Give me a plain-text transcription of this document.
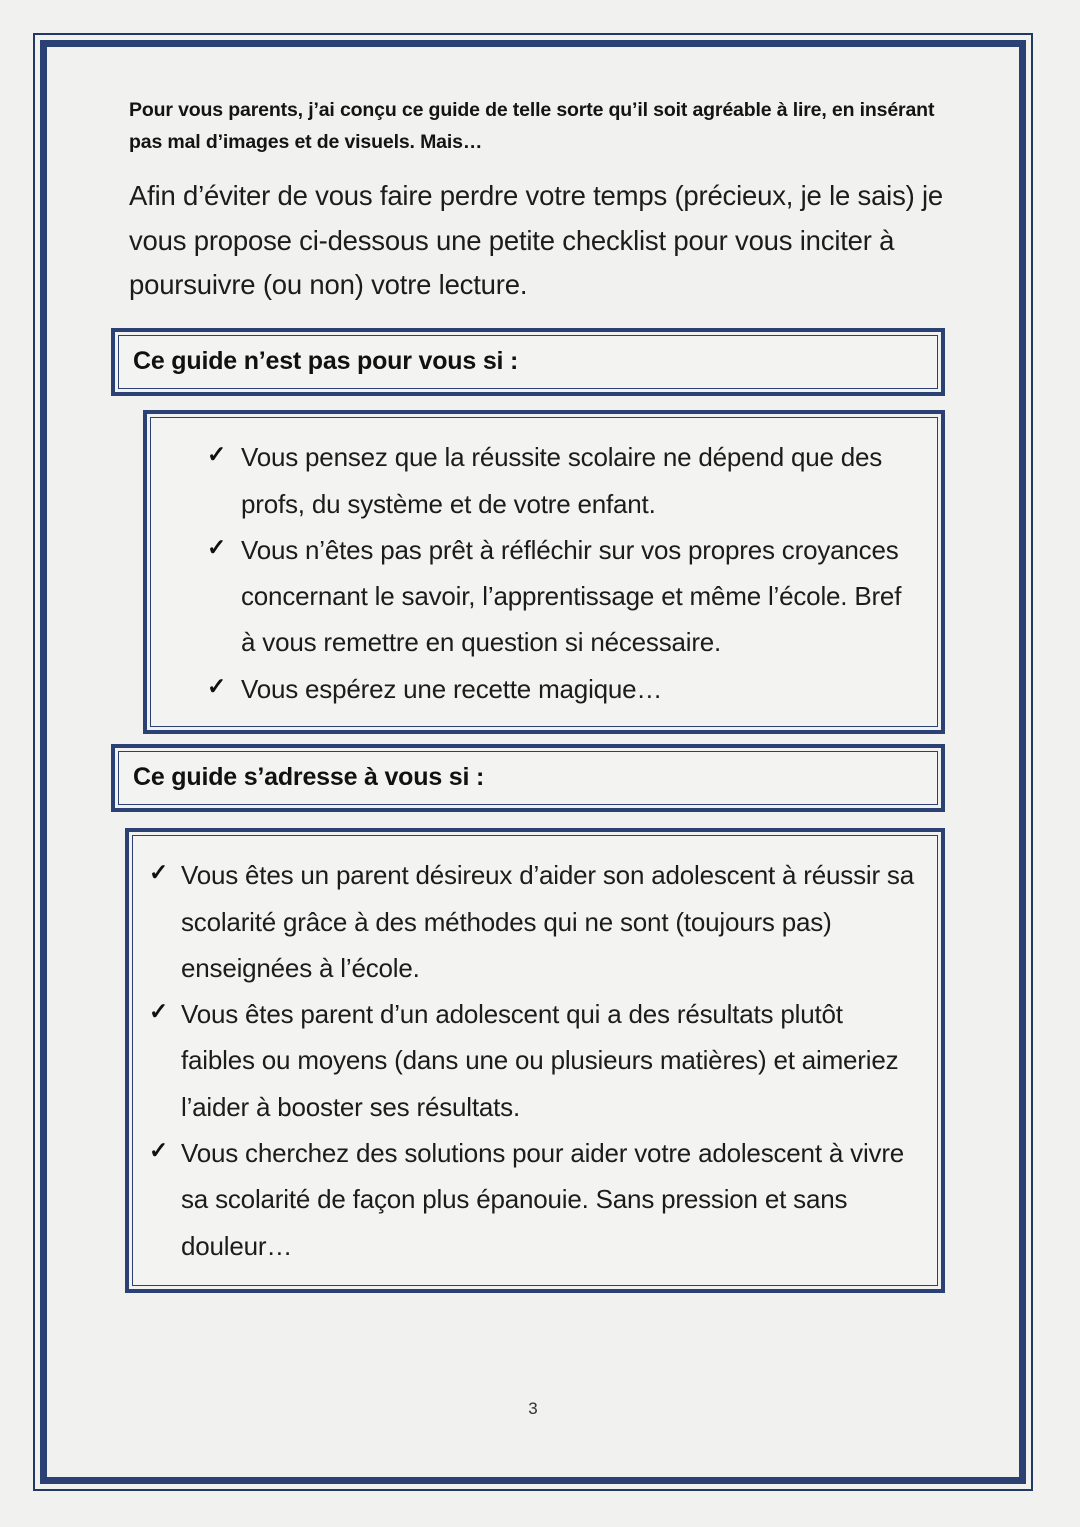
Pour vous parents, j’ai conçu ce guide de telle sorte qu’il soit agréable à lire, en insérant pas mal d’images et de visuels. Mais…

Afin d’éviter de vous faire perdre votre temps (précieux, je le sais) je vous propose ci-dessous une petite checklist pour vous inciter à poursuivre (ou non) votre lecture.

Ce guide n’est pas pour vous si :
✓ Vous pensez que la réussite scolaire ne dépend que des profs, du système et de votre enfant.
✓ Vous n’êtes pas prêt à réfléchir sur vos propres croyances concernant le savoir, l’apprentissage et même l’école. Bref à vous remettre en question si nécessaire.
✓ Vous espérez une recette magique…
Ce guide s’adresse à vous si :
✓ Vous êtes un parent désireux d’aider son adolescent à réussir sa scolarité grâce à des méthodes qui ne sont (toujours pas) enseignées à l’école.
✓ Vous êtes parent d’un adolescent qui a des résultats plutôt faibles ou moyens (dans une ou plusieurs matières) et aimeriez l’aider à booster ses résultats.
✓ Vous cherchez des solutions pour aider votre adolescent à vivre sa scolarité de façon plus épanouie. Sans pression et sans douleur…
3
